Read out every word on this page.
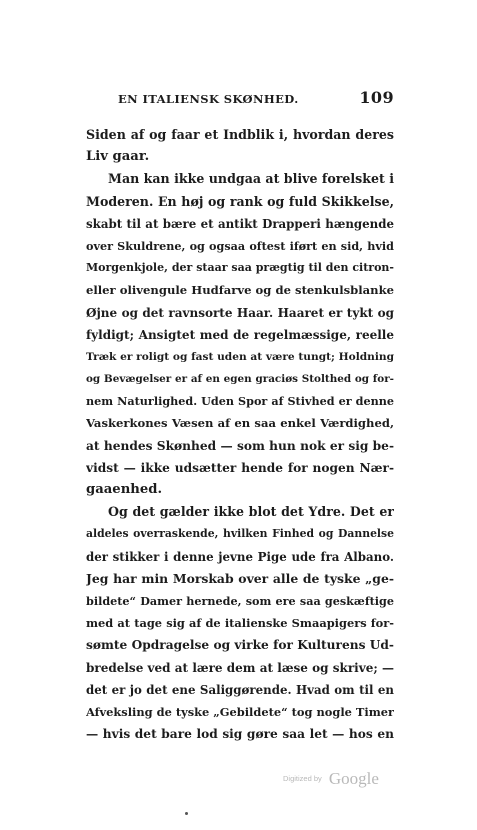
EN ITALIENSK SKØNHED.	109
Siden af og faar et Indblik i, hvordan deres
Liv gaar.
Man kan ikke undgaa at blive forelsket i
Moderen. En høj og rank og fuld Skikkelse,
skabt til at bære et antikt Drapperi hængende
over Skuldrene, og ogsaa oftest iført en sid, hvid
Morgenkjole, der staar saa prægtig til den citron-
eller olivengule Hudfarve og de stenkulsblanke
Øjne og det ravnsorte Haar. Haaret er tykt og
fyldigt; Ansigtet med de regelmæssige, reelle
Træk er roligt og fast uden at være tungt; Holdning
og Bevægelser er af en egen graciøs Stolthed og for-
nem Naturlighed. Uden Spor af Stivhed er denne
Vaskerkones Væsen af en saa enkel Værdighed,
at hendes Skønhed — som hun nok er sig be-
vidst — ikke udsætter hende for nogen Nær-
gaaenhed.
Og det gælder ikke blot det Ydre. Det er
aldeles overraskende, hvilken Finhed og Dannelse
der stikker i denne jevne Pige ude fra Albano.
Jeg har min Morskab over alle de tyske „ge-
bildete“ Damer hernede, som ere saa geskæftige
med at tage sig af de italienske Smaapigers for-
sømte Opdragelse og virke for Kulturens Ud-
bredelse ved at lære dem at læse og skrive; —
det er jo det ene Saliggørende. Hvad om til en
Afveksling de tyske „Gebildete“ tog nogle Timer
— hvis det bare lod sig gøre saa let — hos en
Digitized by Google
